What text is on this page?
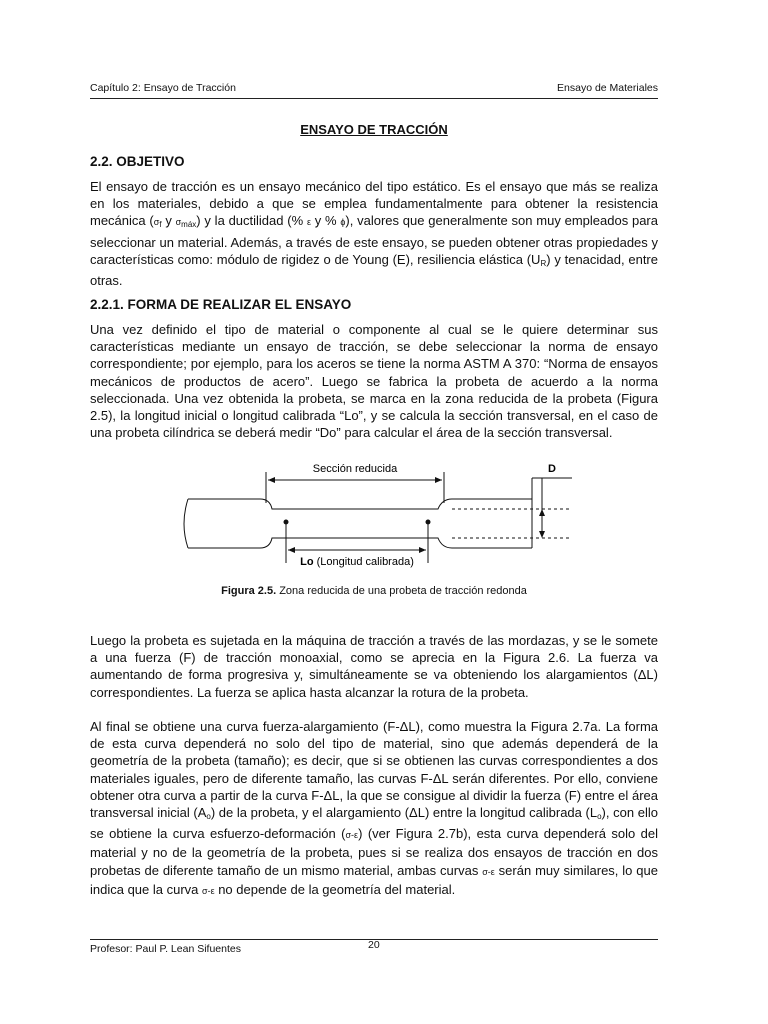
Capítulo 2: Ensayo de Tracción	Ensayo de Materiales
ENSAYO DE TRACCIÓN
2.2. OBJETIVO

El ensayo de tracción es un ensayo mecánico del tipo estático. Es el ensayo que más se realiza en los materiales, debido a que se emplea fundamentalmente para obtener la resistencia mecánica ($\sigma_f$ y $\sigma_{máx}$) y la ductilidad (% ε y % ϕ), valores que generalmente son muy empleados para seleccionar un material. Además, a través de este ensayo, se pueden obtener otras propiedades y características como: módulo de rigidez o de Young (E), resiliencia elástica $(U_R)$ y tenacidad, entre otras.

2.2.1. FORMA DE REALIZAR EL ENSAYO

Una vez definido el tipo de material o componente al cual se le quiere determinar sus características mediante un ensayo de tracción, se debe seleccionar la norma de ensayo correspondiente; por ejemplo, para los aceros se tiene la norma ASTM A 370: “Norma de ensayos mecánicos de productos de acero”. Luego se fabrica la probeta de acuerdo a la norma seleccionada. Una vez obtenida la probeta, se marca en la zona reducida de la probeta (Figura 2.5), la longitud inicial o longitud calibrada “Lo”, y se calcula la sección transversal, en el caso de una probeta cilíndrica se deberá medir “Do” para calcular el área de la sección transversal.

Sección reducida	D
Lo (Longitud calibrada)
Figura 2.5. Zona reducida de una probeta de tracción redonda

Luego la probeta es sujetada en la máquina de tracción a través de las mordazas, y se le somete a una fuerza (F) de tracción monoaxial, como se aprecia en la Figura 2.6. La fuerza va aumentando de forma progresiva y, simultáneamente se va obteniendo los alargamientos (ΔL) correspondientes. La fuerza se aplica hasta alcanzar la rotura de la probeta.

Al final se obtiene una curva fuerza-alargamiento (F-ΔL), como muestra la Figura 2.7a. La forma de esta curva dependerá no solo del tipo de material, sino que además dependerá de la geometría de la probeta (tamaño); es decir, que si se obtienen las curvas correspondientes a dos materiales iguales, pero de diferente tamaño, las curvas F-ΔL serán diferentes. Por ello, conviene obtener otra curva a partir de la curva F-ΔL, la que se consigue al dividir la fuerza (F) entre el área transversal inicial $(A_o)$ de la probeta, y el alargamiento (ΔL) entre la longitud calibrada $(L_o)$, con ello se obtiene la curva esfuerzo-deformación (σ-ε) (ver Figura 2.7b), esta curva dependerá solo del material y no de la geometría de la probeta, pues si se realiza dos ensayos de tracción en dos probetas de diferente tamaño de un mismo material, ambas curvas σ-ε serán muy similares, lo que indica que la curva σ-ε no depende de la geometría del material.

Profesor: Paul P. Lean Sifuentes	20
